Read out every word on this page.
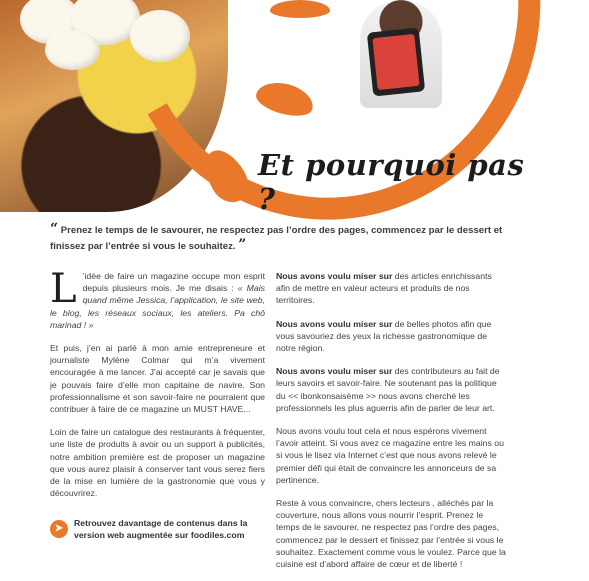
Et pourquoi pas ?
“ Prenez le temps de le savourer, ne respectez pas l’ordre des pages, commencez par le dessert et finissez par l’entrée si vous le souhaitez. ”

L ’idée de faire un magazine occupe mon esprit depuis plusieurs mois. Je me disais : « Mais quand même Jessica, l’application, le site web, le blog, les réseaux sociaux, les ateliers. Pa chô marinad ! »

Et puis, j’en ai parlé à mon amie entrepreneure et journaliste Mylène Colmar qui m’a vivement encouragée à me lancer. J’ai accepté car je savais que je pouvais faire d’elle mon capitaine de navire. Son professionnalisme et son savoir-faire ne pourraient que contribuer à faire de ce magazine un MUST HAVE...

Loin de faire un catalogue des restaurants à fréquenter, une liste de produits à avoir ou un support à publicités, notre ambition première est de proposer un magazine que vous aurez plaisir à conserver tant vous serez fiers de la mise en lumière de la gastronomie que vous y découvrirez.

Nous avons voulu miser sur des articles enrichissants afin de mettre en valeur acteurs et produits de nos territoires.

Nous avons voulu miser sur de belles photos afin que vous savouriez des yeux la richesse gastronomique de notre région.

Nous avons voulu miser sur des contributeurs au fait de leurs savoirs et savoir-faire. Ne soutenant pas la politique du << ibonkonsaisème >> nous avons cherché les professionnels les plus aguerris afin de parler de leur art.

Nous avons voulu tout cela et nous espérons vivement l’avoir atteint. Si vous avez ce magazine entre les mains ou si vous le lisez via Internet c’est que nous avons relevé le premier défi qui était de convaincre les annonceurs de sa pertinence.

Reste à vous convaincre, chers lecteurs , alléchés par la couverture, nous allons vous nourrir l’esprit. Prenez le temps de le savourer, ne respectez pas l’ordre des pages, commencez par le dessert et finissez par l’entrée si vous le souhaitez. Exactement comme vous le voulez. Parce que la cuisine est d’abord affaire de cœur et de liberté !

➤	Retrouvez davantage de contenus dans la version web augmentée sur foodiles.com
